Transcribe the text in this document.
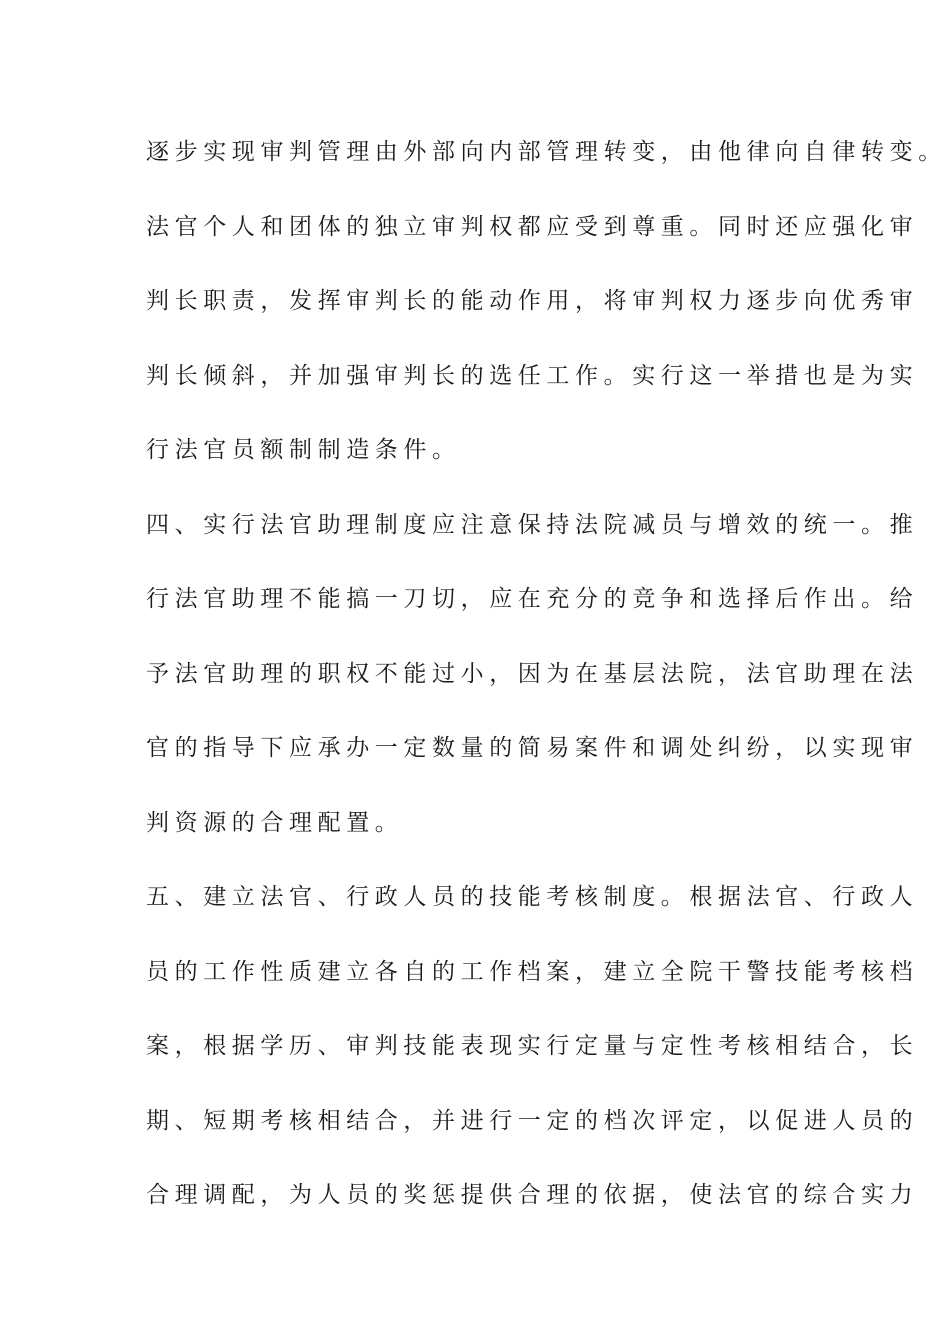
逐步实现审判管理由外部向内部管理转变，由他律向自律转变。
法官个人和团体的独立审判权都应受到尊重。同时还应强化审
判长职责，发挥审判长的能动作用，将审判权力逐步向优秀审
判长倾斜，并加强审判长的选任工作。实行这一举措也是为实
行法官员额制制造条件。
四、实行法官助理制度应注意保持法院减员与增效的统一。推
行法官助理不能搞一刀切，应在充分的竞争和选择后作出。给
予法官助理的职权不能过小，因为在基层法院，法官助理在法
官的指导下应承办一定数量的简易案件和调处纠纷，以实现审
判资源的合理配置。
五、建立法官、行政人员的技能考核制度。根据法官、行政人
员的工作性质建立各自的工作档案，建立全院干警技能考核档
案，根据学历、审判技能表现实行定量与定性考核相结合，长
期、短期考核相结合，并进行一定的档次评定，以促进人员的
合理调配，为人员的奖惩提供合理的依据，使法官的综合实力
